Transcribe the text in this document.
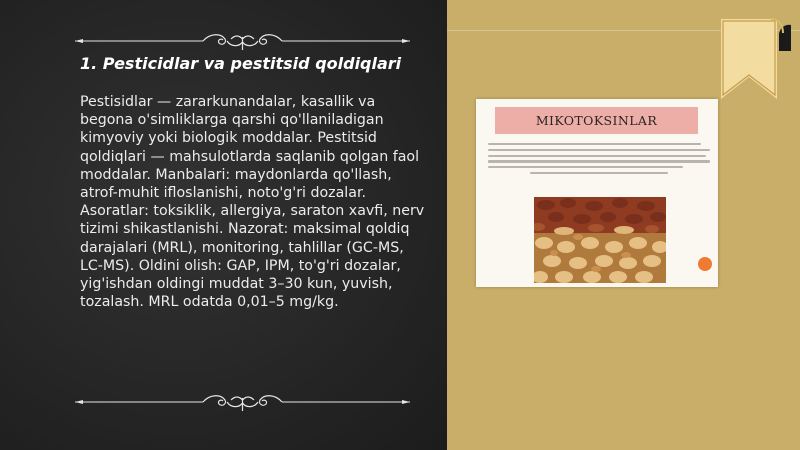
1. Pesticidlar va pestitsid qoldiqlari

Pestisidlar — zararkunandalar, kasallik va begona o'simliklarga qarshi qo'llaniladigan kimyoviy yoki biologik moddalar. Pestitsid qoldiqlari — mahsulotlarda saqlanib qolgan faol moddalar. Manbalari: maydonlarda qo'llash, atrof-muhit ifloslanishi, noto'g'ri dozalar. Asoratlar: toksiklik, allergiya, saraton xavfi, nerv tizimi shikastlanishi. Nazorat: maksimal qoldiq darajalari (MRL), monitoring, tahlillar (GC-MS, LC-MS). Oldini olish: GAP, IPM, to'g'ri dozalar, yig'ishdan oldingi muddat 3–30 kun, yuvish, tozalash. MRL odatda 0,01–5 mg/kg.

MIKOTOKSINLAR
